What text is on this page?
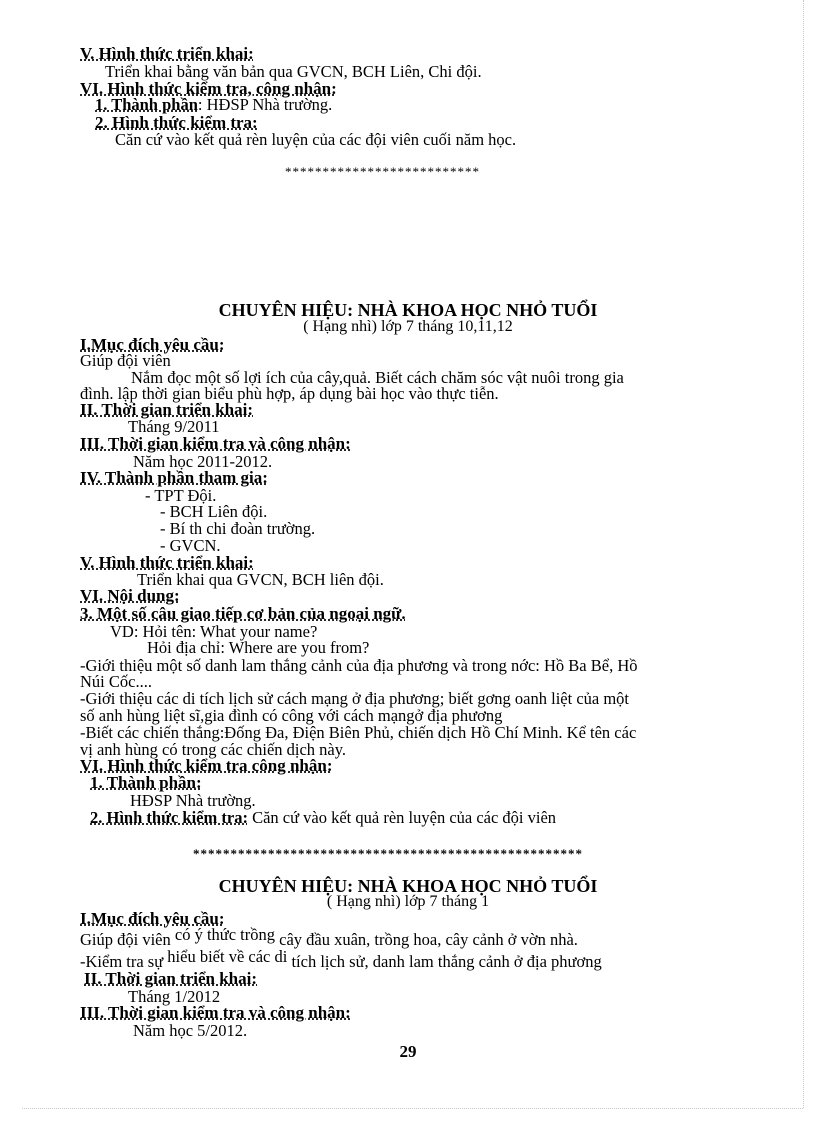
V. Hình thức triển khai:
Triển khai bằng văn bản qua GVCN, BCH Liên, Chi đội.
VI. Hình thức kiểm tra, công nhận:
1. Thành phần: HĐSP Nhà trường.
2. Hình thức kiểm tra:
Căn cứ vào kết quả rèn luyện của các đội viên cuối năm học.
**************************
CHUYÊN HIỆU: NHÀ KHOA HỌC NHỎ TUỔI
( Hạng nhì) lớp 7 tháng 10,11,12
I.Mục đích yêu cầu:
Giúp đội viên
Nắm đọc một số lợi ích của cây,quả. Biết cách chăm sóc vật nuôi trong gia
đình. lập thời gian biểu phù hợp, áp dụng bài học vào thực tiễn.
II. Thời gian triển khai:
Tháng 9/2011
III. Thời gian kiểm tra và công nhận:
Năm học 2011-2012.
IV. Thành phần tham gia:
- TPT Đội.
- BCH Liên đội.
- Bí th chi đoàn trường.
- GVCN.
V. Hình thức triển khai:
Triển khai qua GVCN, BCH liên đội.
VI. Nội dung:
3. Một số câu giao tiếp cơ bản của ngoại ngữ.
VD: Hỏi tên: What your name?
Hỏi địa chỉ: Where are you from?
-Giới thiệu một số danh lam thắng cảnh của địa phương và trong nớc: Hồ Ba Bể, Hồ
Núi Cốc....
-Giới thiệu các di tích lịch sử cách mạng ở địa phương; biết gơng oanh liệt của một
số anh hùng liệt sĩ,gia đình có công với cách mạngở địa phương
-Biết các chiến thắng:Đống Đa, Điện Biên Phủ, chiến dịch Hồ Chí Minh. Kể tên các
vị anh hùng có trong các chiến dịch này.
VI. Hình thức kiểm tra công nhận:
1. Thành phần:
HĐSP Nhà trường.
2. Hình thức kiểm tra: Căn cứ vào kết quả rèn luyện của các đội viên
****************************************************
CHUYÊN HIỆU: NHÀ KHOA HỌC NHỎ TUỔI
( Hạng nhì) lớp 7 tháng 1
I.Mục đích yêu cầu:
Giúp đội viên có ý thức trồng cây đầu xuân, trồng hoa, cây cảnh ở vờn nhà.
-Kiểm tra sự hiểu biết về các di tích lịch sử, danh lam thắng cảnh ở địa phương
II. Thời gian triển khai:
Tháng 1/2012
III. Thời gian kiểm tra và công nhận:
Năm học 5/2012.
29
